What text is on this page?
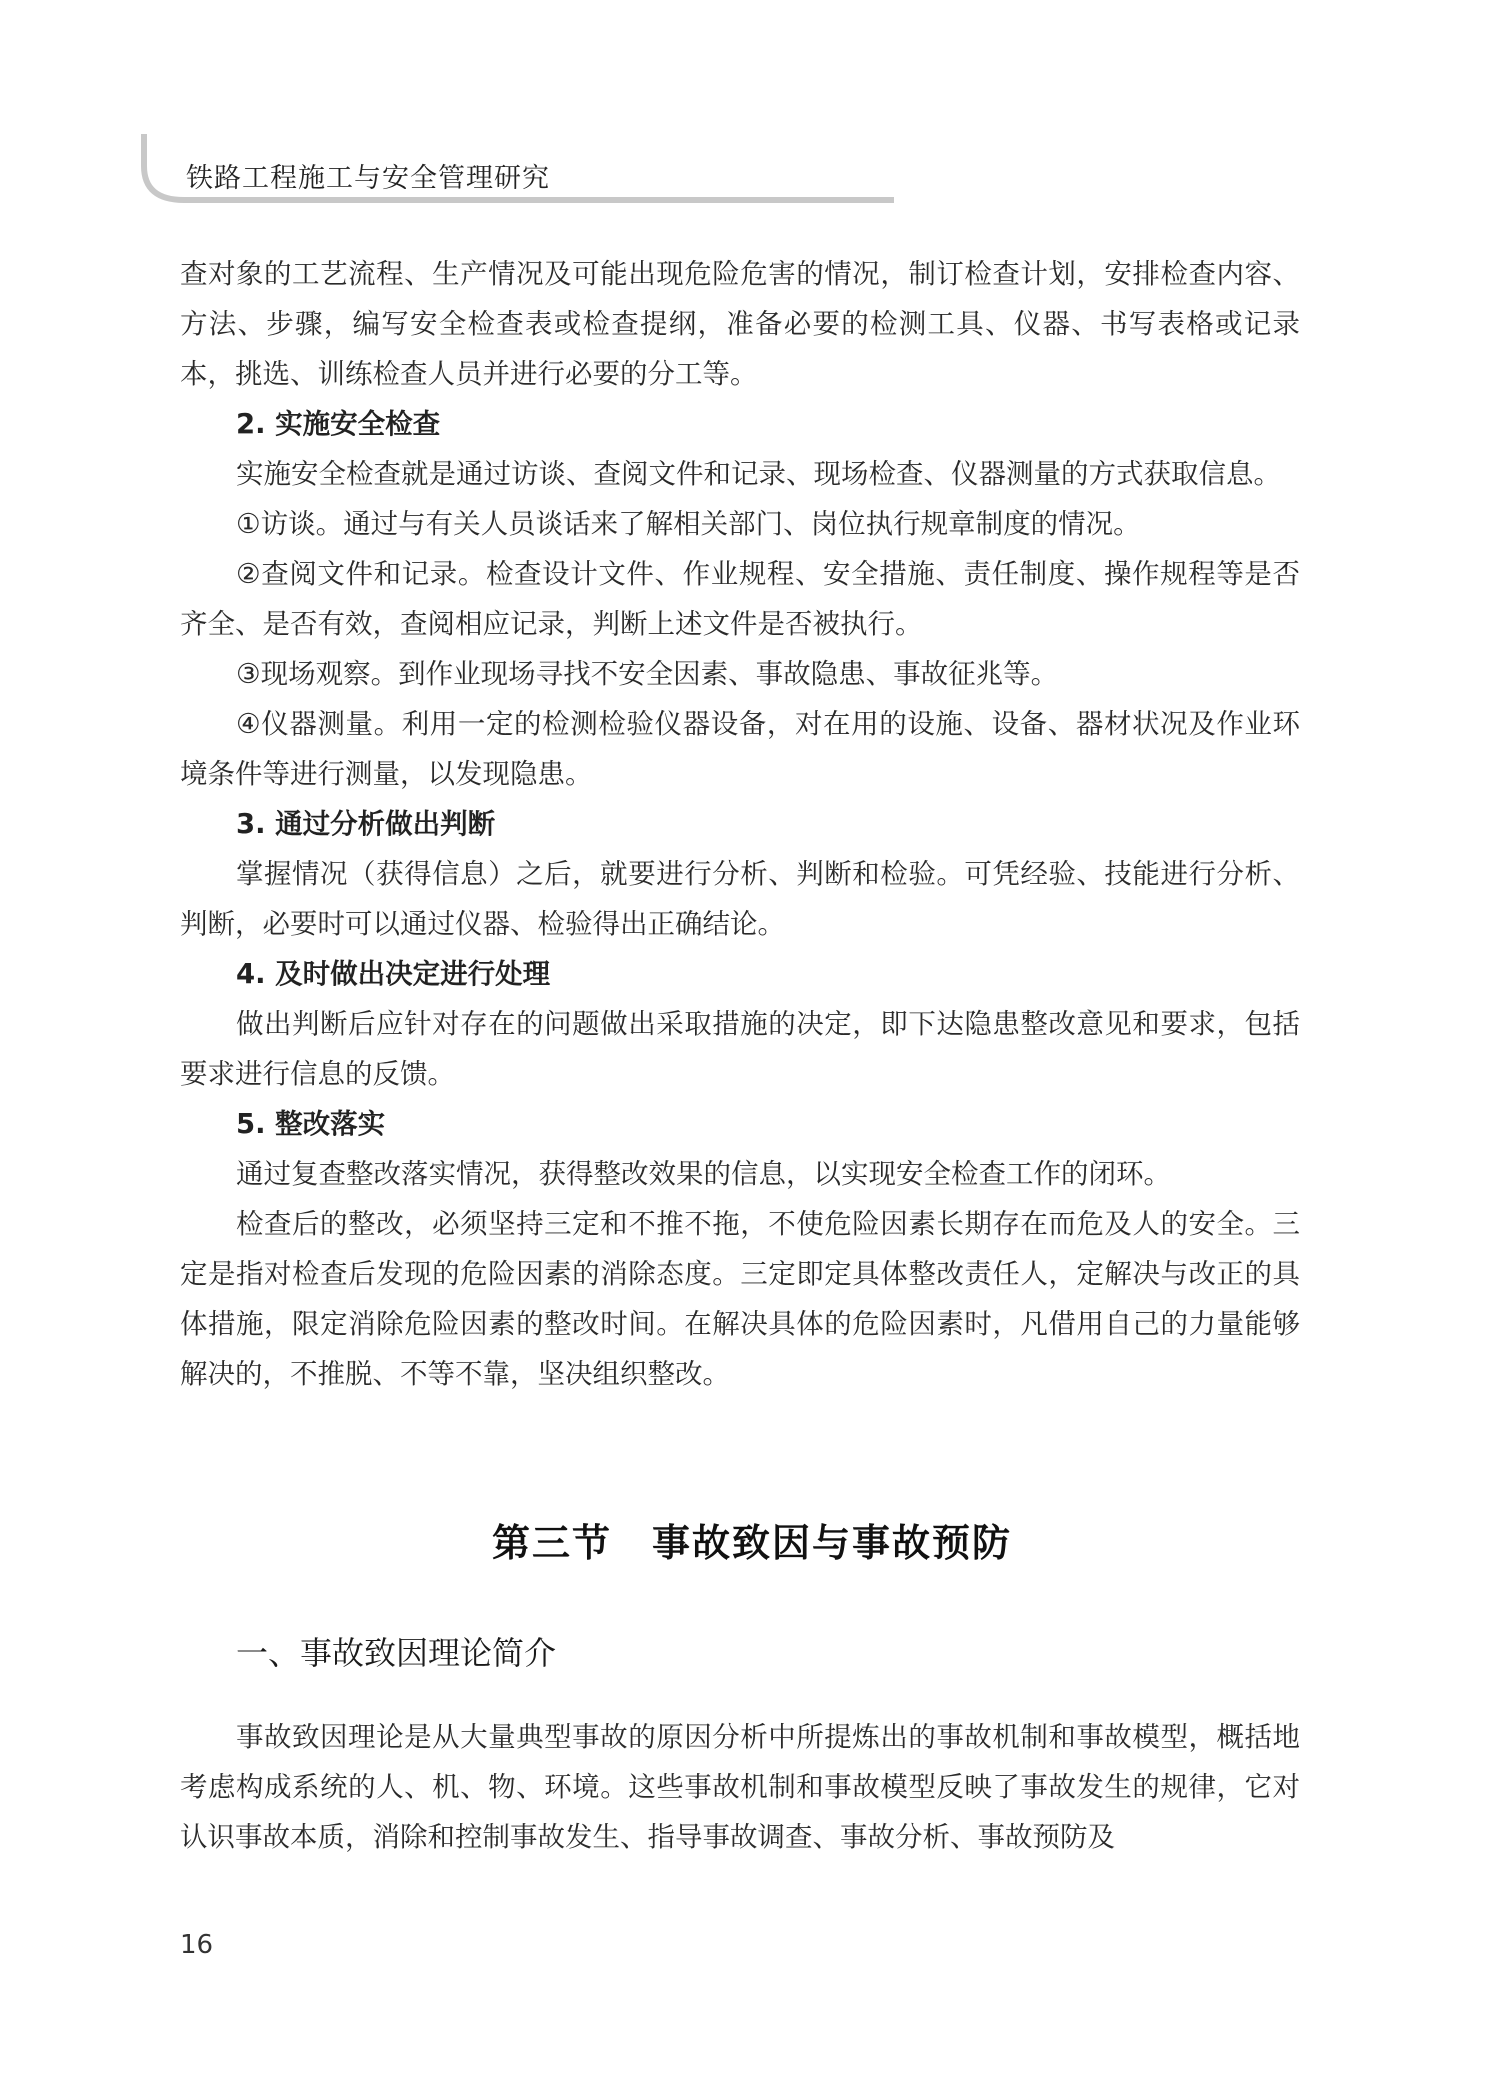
铁路工程施工与安全管理研究

查对象的工艺流程、生产情况及可能出现危险危害的情况，制订检查计划，安排检查内容、方法、步骤，编写安全检查表或检查提纲，准备必要的检测工具、仪器、书写表格或记录本，挑选、训练检查人员并进行必要的分工等。

2. 实施安全检查

实施安全检查就是通过访谈、查阅文件和记录、现场检查、仪器测量的方式获取信息。

①访谈。通过与有关人员谈话来了解相关部门、岗位执行规章制度的情况。

②查阅文件和记录。检查设计文件、作业规程、安全措施、责任制度、操作规程等是否齐全、是否有效，查阅相应记录，判断上述文件是否被执行。

③现场观察。到作业现场寻找不安全因素、事故隐患、事故征兆等。

④仪器测量。利用一定的检测检验仪器设备，对在用的设施、设备、器材状况及作业环境条件等进行测量，以发现隐患。

3. 通过分析做出判断

掌握情况（获得信息）之后，就要进行分析、判断和检验。可凭经验、技能进行分析、判断，必要时可以通过仪器、检验得出正确结论。

4. 及时做出决定进行处理

做出判断后应针对存在的问题做出采取措施的决定，即下达隐患整改意见和要求，包括要求进行信息的反馈。

5. 整改落实

通过复查整改落实情况，获得整改效果的信息，以实现安全检查工作的闭环。

检查后的整改，必须坚持三定和不推不拖，不使危险因素长期存在而危及人的安全。三定是指对检查后发现的危险因素的消除态度。三定即定具体整改责任人，定解决与改正的具体措施，限定消除危险因素的整改时间。在解决具体的危险因素时，凡借用自己的力量能够解决的，不推脱、不等不靠，坚决组织整改。

第三节　事故致因与事故预防
一、事故致因理论简介

事故致因理论是从大量典型事故的原因分析中所提炼出的事故机制和事故模型，概括地考虑构成系统的人、机、物、环境。这些事故机制和事故模型反映了事故发生的规律，它对认识事故本质，消除和控制事故发生、指导事故调查、事故分析、事故预防及

16
